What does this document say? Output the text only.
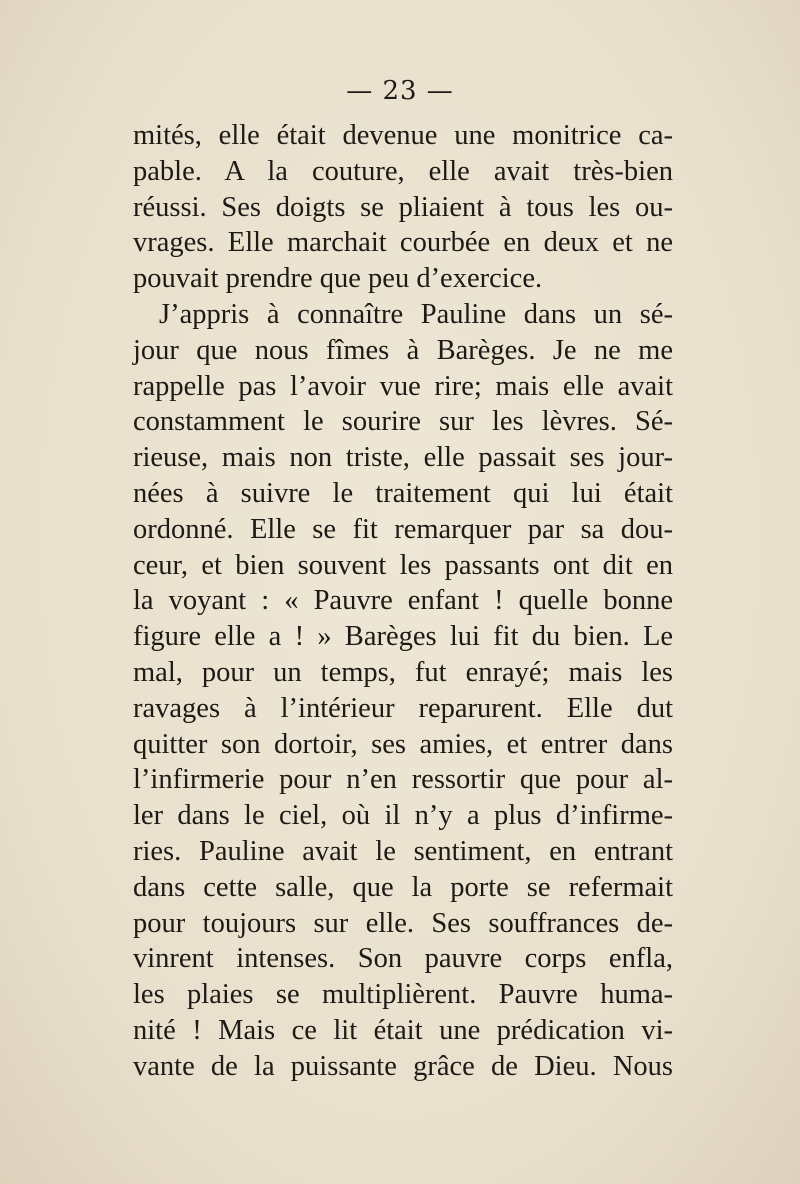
— 23 —
mités, elle était devenue une monitrice ca-
pable. A la couture, elle avait très-bien
réussi. Ses doigts se pliaient à tous les ou-
vrages. Elle marchait courbée en deux et ne
pouvait prendre que peu d’exercice.
J’appris à connaître Pauline dans un sé-
jour que nous fîmes à Barèges. Je ne me
rappelle pas l’avoir vue rire; mais elle avait
constamment le sourire sur les lèvres. Sé-
rieuse, mais non triste, elle passait ses jour-
nées à suivre le traitement qui lui était
ordonné. Elle se fit remarquer par sa dou-
ceur, et bien souvent les passants ont dit en
la voyant : « Pauvre enfant ! quelle bonne
figure elle a ! » Barèges lui fit du bien. Le
mal, pour un temps, fut enrayé; mais les
ravages à l’intérieur reparurent. Elle dut
quitter son dortoir, ses amies, et entrer dans
l’infirmerie pour n’en ressortir que pour al-
ler dans le ciel, où il n’y a plus d’infirme-
ries. Pauline avait le sentiment, en entrant
dans cette salle, que la porte se refermait
pour toujours sur elle. Ses souffrances de-
vinrent intenses. Son pauvre corps enfla,
les plaies se multiplièrent. Pauvre huma-
nité ! Mais ce lit était une prédication vi-
vante de la puissante grâce de Dieu. Nous
